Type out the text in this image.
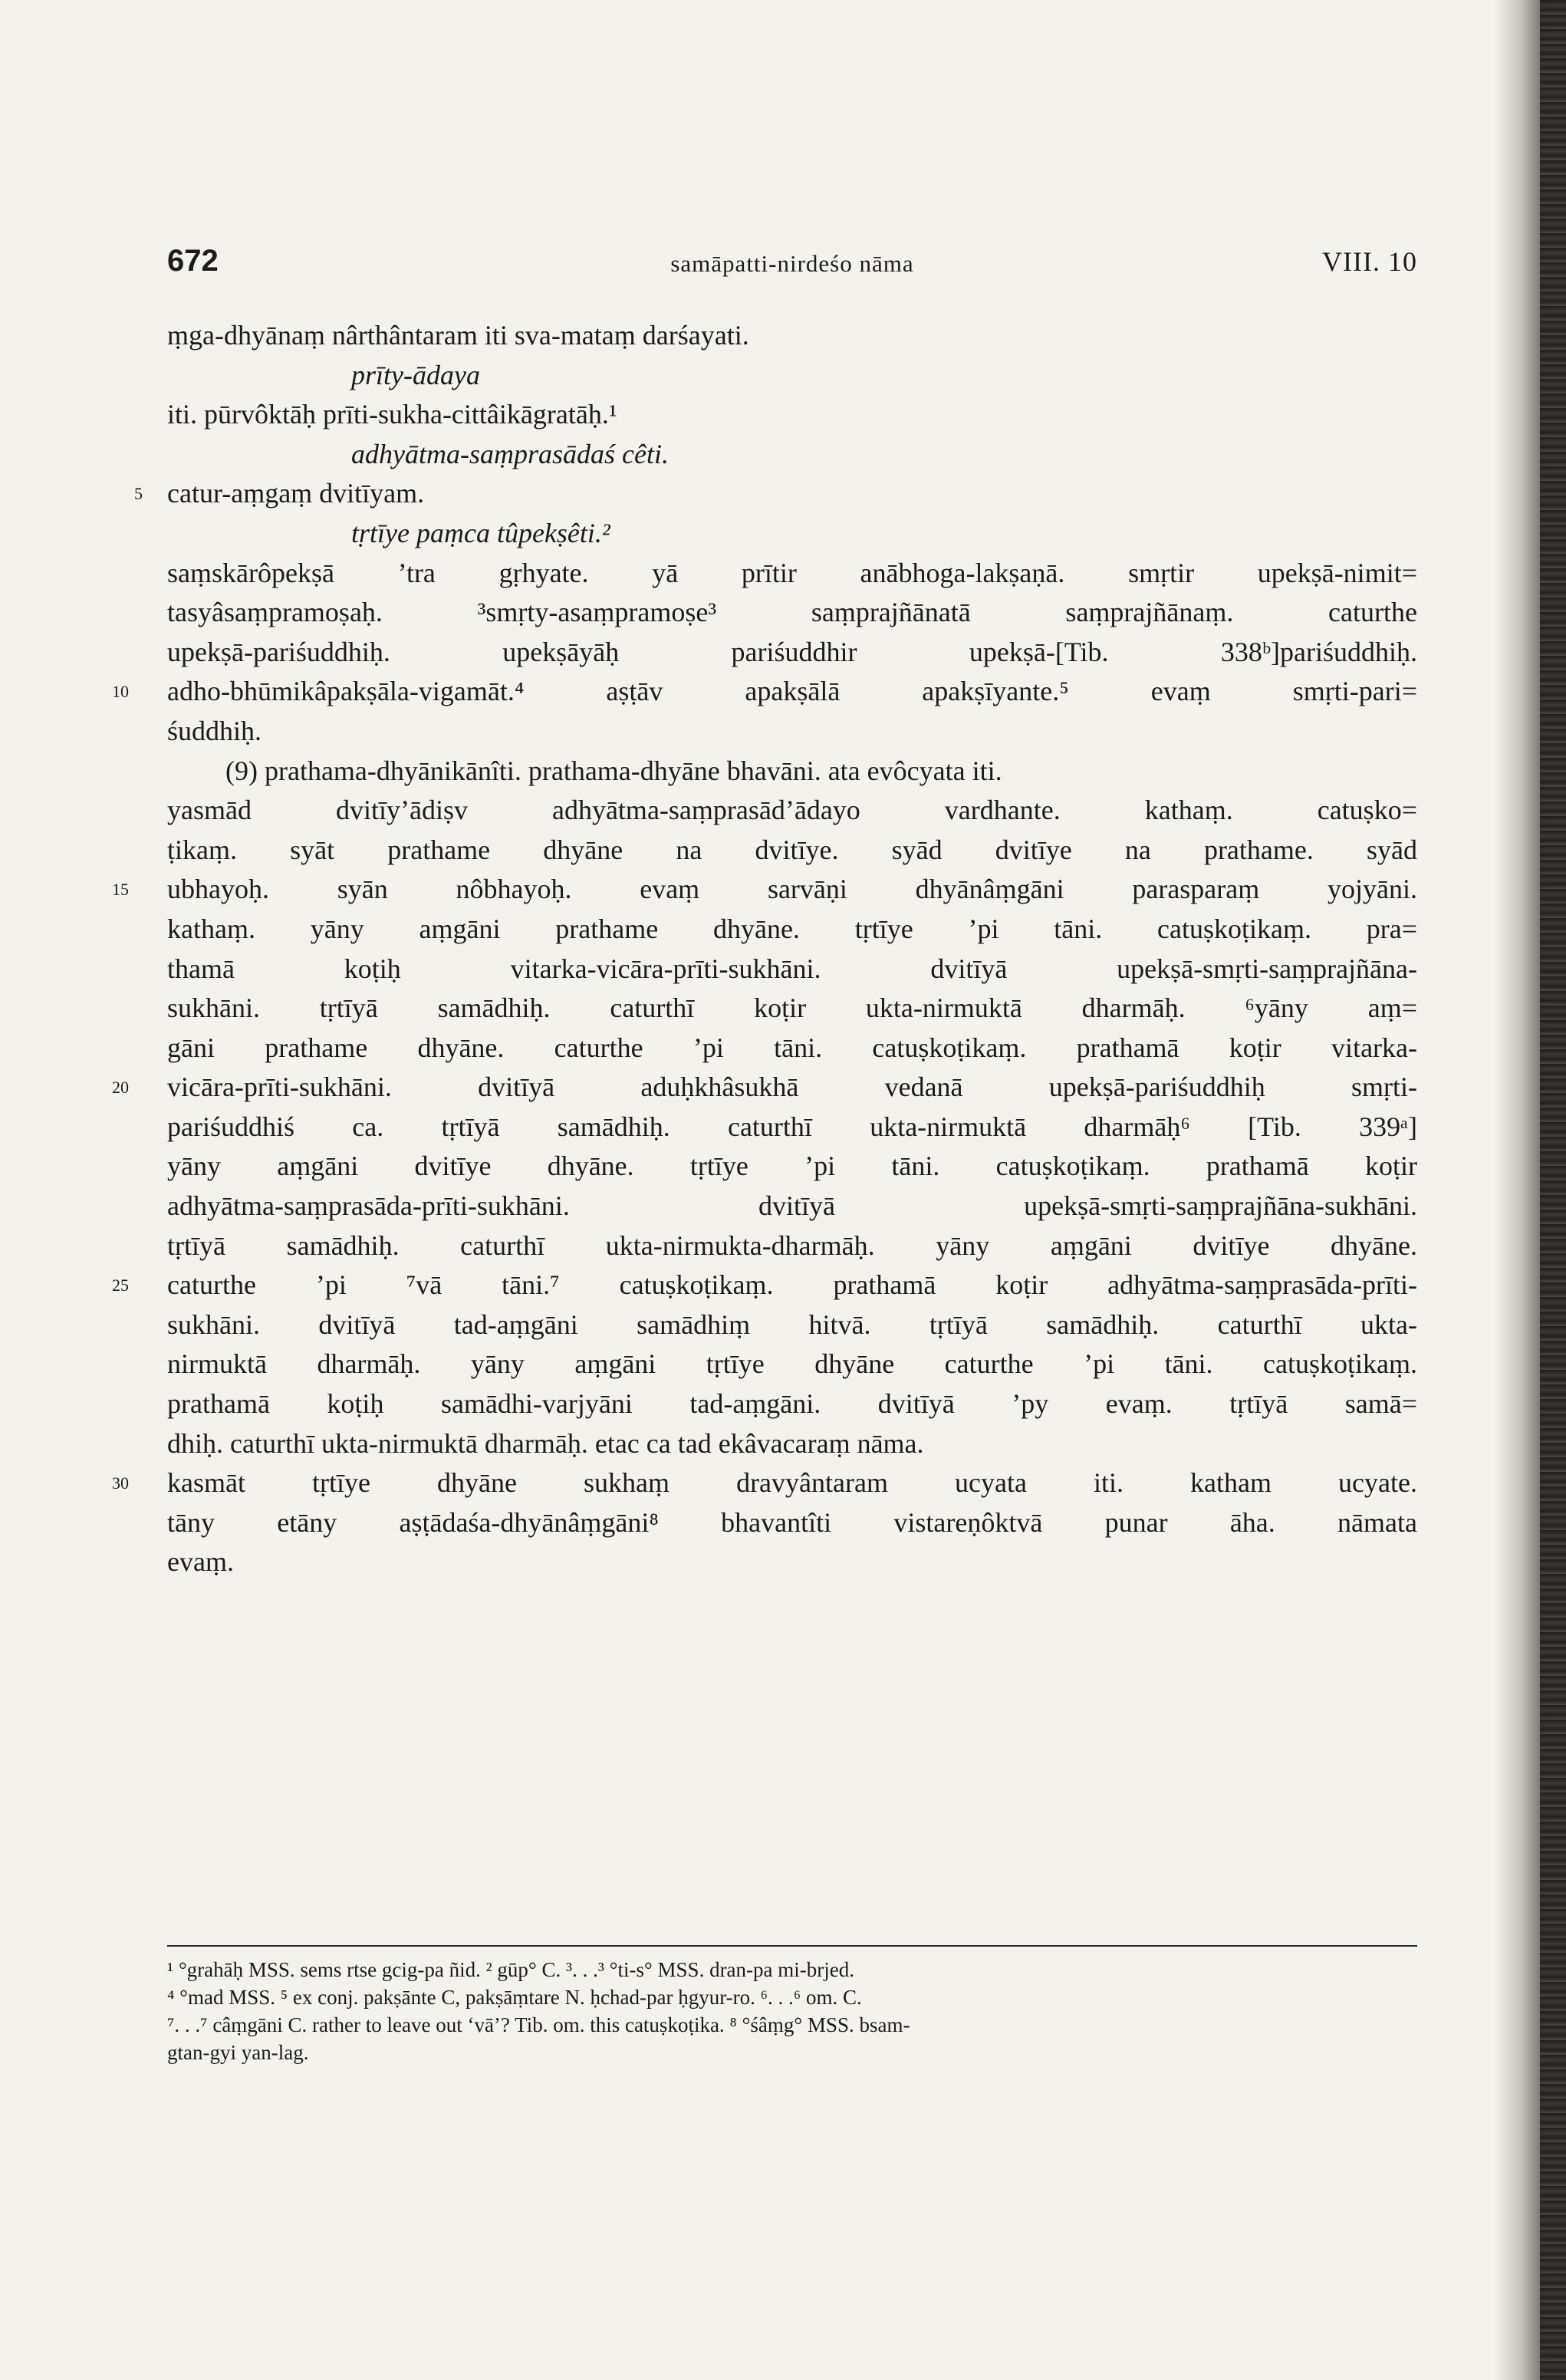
672	samāpatti-nirdeśo nāma	VIII. 10
ṃga-dhyānaṃ nârthântaram iti sva-mataṃ darśayati.
prīty-ādaya
iti. pūrvôktāḥ prīti-sukha-cittâikāgratāḥ.¹
adhyātma-saṃprasādaś cêti.
5 catur-aṃgaṃ dvitīyam.
tṛtīye paṃca tûpekṣêti.²
saṃskārôpekṣā ’tra gṛhyate. yā prītir anābhoga-lakṣaṇā. smṛtir upekṣā-nimit=
tasyâsaṃpramoṣaḥ. ³smṛty-asaṃpramoṣe³ saṃprajñānatā saṃprajñānaṃ. caturthe
upekṣā-pariśuddhiḥ. upekṣāyāḥ pariśuddhir upekṣā-[Tib. 338ᵇ]pariśuddhiḥ.
10	adho-bhūmikâpakṣāla-vigamāt.⁴ aṣṭāv apakṣālā apakṣīyante.⁵ evaṃ smṛti-pari=
śuddhiḥ.
(9) prathama-dhyānikānîti. prathama-dhyāne bhavāni. ata evôcyata iti.
yasmād dvitīy’ādiṣv adhyātma-saṃprasād’ādayo vardhante. kathaṃ. catuṣko=
ṭikaṃ. syāt prathame dhyāne na dvitīye. syād dvitīye na prathame. syād
15	ubhayoḥ. syān nôbhayoḥ. evaṃ sarvāṇi dhyānâṃgāni parasparaṃ yojyāni.
kathaṃ. yāny aṃgāni prathame dhyāne. tṛtīye ’pi tāni. catuṣkoṭikaṃ. pra=
thamā koṭiḥ vitarka-vicāra-prīti-sukhāni. dvitīyā upekṣā-smṛti-saṃprajñāna-
sukhāni. tṛtīyā samādhiḥ. caturthī koṭir ukta-nirmuktā dharmāḥ. ⁶yāny aṃ=
gāni prathame dhyāne. caturthe ’pi tāni. catuṣkoṭikaṃ. prathamā koṭir vitarka-
20	vicāra-prīti-sukhāni. dvitīyā aduḥkhâsukhā vedanā upekṣā-pariśuddhiḥ smṛti-
pariśuddhiś ca. tṛtīyā samādhiḥ. caturthī ukta-nirmuktā dharmāḥ⁶ [Tib. 339ᵃ]
yāny aṃgāni dvitīye dhyāne. tṛtīye ’pi tāni. catuṣkoṭikaṃ. prathamā koṭir
adhyātma-saṃprasāda-prīti-sukhāni. dvitīyā upekṣā-smṛti-saṃprajñāna-sukhāni.
tṛtīyā samādhiḥ. caturthī ukta-nirmukta-dharmāḥ. yāny aṃgāni dvitīye dhyāne.
25	caturthe ’pi ⁷vā tāni.⁷ catuṣkoṭikaṃ. prathamā koṭir adhyātma-saṃprasāda-prīti-
sukhāni. dvitīyā tad-aṃgāni samādhiṃ hitvā. tṛtīyā samādhiḥ. caturthī ukta-
nirmuktā dharmāḥ. yāny aṃgāni tṛtīye dhyāne caturthe ’pi tāni. catuṣkoṭikaṃ.
prathamā koṭiḥ samādhi-varjyāni tad-aṃgāni. dvitīyā ’py evaṃ. tṛtīyā samā=
dhiḥ. caturthī ukta-nirmuktā dharmāḥ. etac ca tad ekâvacaraṃ nāma.
30	kasmāt tṛtīye dhyāne sukhaṃ dravyântaram ucyata iti. katham ucyate.
tāny etāny aṣṭādaśa-dhyānâṃgāni⁸ bhavantîti vistareṇôktvā punar āha. nāmata
evaṃ.
¹ °grahāḥ MSS. sems rtse gcig-pa ñid. ² gūp° C. ³. . .³ °ti-s° MSS. dran-pa mi-brjed.
⁴ °mad MSS. ⁵ ex conj. pakṣānte C, pakṣāṃtare N. ḥchad-par ḥgyur-ro. ⁶. . .⁶ om. C.
⁷. . .⁷ câṃgāni C. rather to leave out ‘vā’? Tib. om. this catuṣkoṭika. ⁸ °śâṃg° MSS. bsam-
gtan-gyi yan-lag.
